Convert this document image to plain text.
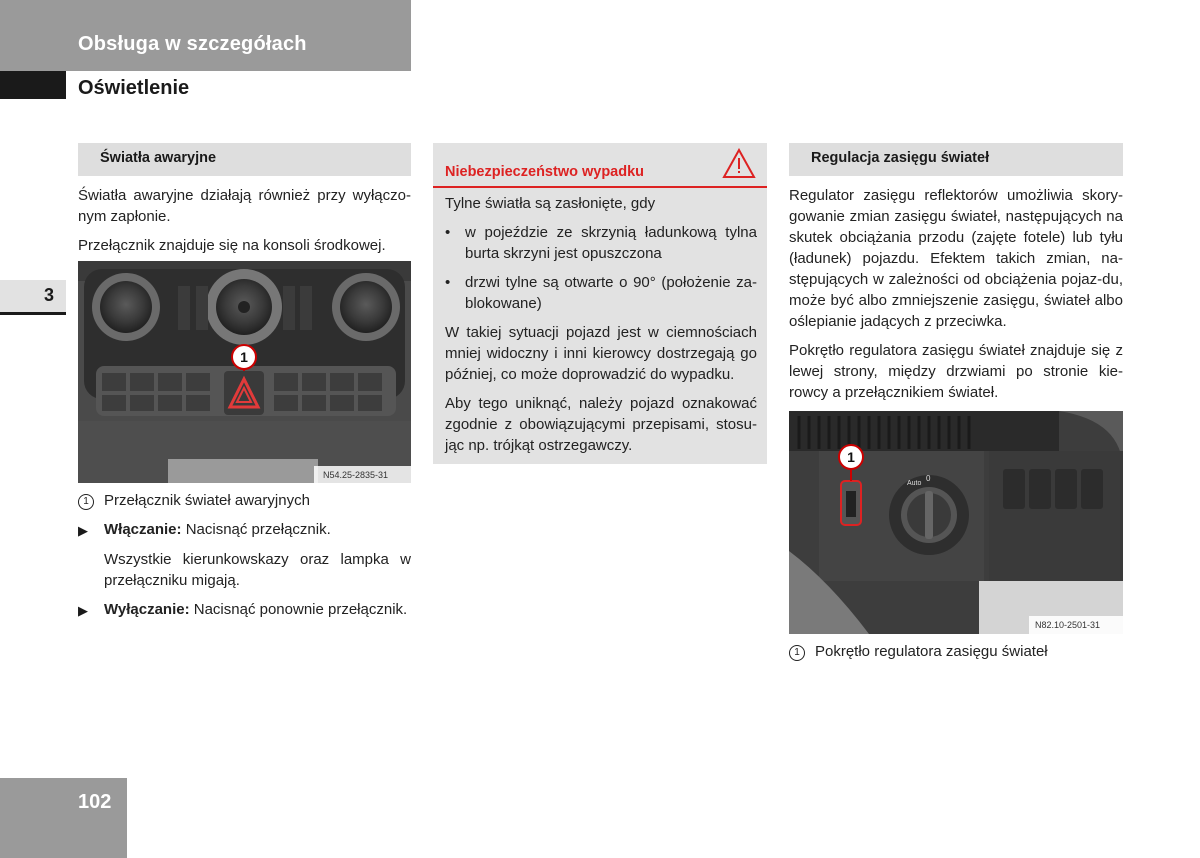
Obsługa w szczegółach
Oświetlenie
3
102
Światła awaryjne

Światła awaryjne działają również przy wyłączo-nym zapłonie.

Przełącznik znajduje się na konsoli środkowej.

1
N54.25-2835-31
1 Przełącznik świateł awaryjnych
▶	Włączanie: Nacisnąć przełącznik.
Wszystkie kierunkowskazy oraz lampka w przełączniku migają.
▶	Wyłączanie: Nacisnąć ponownie przełącznik.
Niebezpieczeństwo wypadku

Tylne światła są zasłonięte, gdy

• w pojeździe ze skrzynią ładunkową tylna burta skrzyni jest opuszczona
• drzwi tylne są otwarte o 90° (położenie za-blokowane)

W takiej sytuacji pojazd jest w ciemnościach mniej widoczny i inni kierowcy dostrzegają go później, co może doprowadzić do wypadku.

Aby tego uniknąć, należy pojazd oznakować zgodnie z obowiązującymi przepisami, stosu-jąc np. trójkąt ostrzegawczy.

Regulacja zasięgu świateł

Regulator zasięgu reflektorów umożliwia skory-gowanie zmian zasięgu świateł, następujących na skutek obciążania przodu (zajęte fotele) lub tyłu (ładunek) pojazdu. Efektem takich zmian, na-stępujących w zależności od obciążenia pojaz-du, może być albo zmniejszenie zasięgu, świateł albo oślepianie jadących z przeciwka.

Pokrętło regulatora zasięgu świateł znajduje się z lewej strony, między drzwiami po stronie kie-rowcy a przełącznikiem świateł.

Auto
0
1
N82.10-2501-31
1 Pokrętło regulatora zasięgu świateł
